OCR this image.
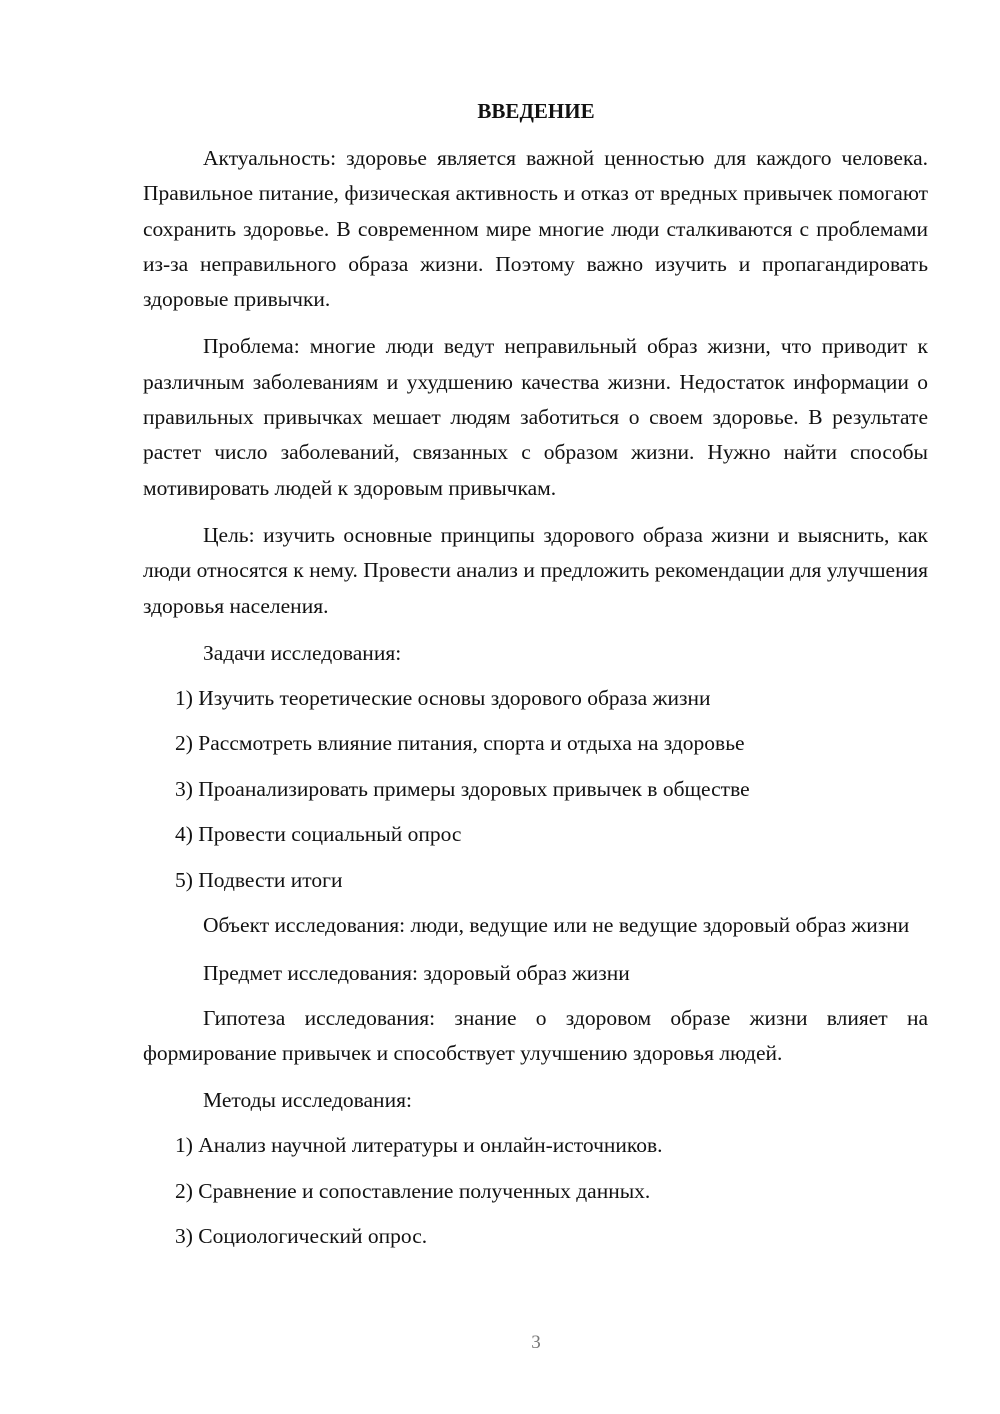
ВВЕДЕНИЕ

Актуальность: здоровье является важной ценностью для каждого человека. Правильное питание, физическая активность и отказ от вредных привычек помогают сохранить здоровье. В современном мире многие люди сталкиваются с проблемами из-за неправильного образа жизни. Поэтому важно изучить и пропагандировать здоровые привычки.

Проблема: многие люди ведут неправильный образ жизни, что приводит к различным заболеваниям и ухудшению качества жизни. Недостаток информации о правильных привычках мешает людям заботиться о своем здоровье. В результате растет число заболеваний, связанных с образом жизни. Нужно найти способы мотивировать людей к здоровым привычкам.

Цель: изучить основные принципы здорового образа жизни и выяснить, как люди относятся к нему. Провести анализ и предложить рекомендации для улучшения здоровья населения.

Задачи исследования:

1) Изучить теоретические основы здорового образа жизни
2) Рассмотреть влияние питания, спорта и отдыха на здоровье
3) Проанализировать примеры здоровых привычек в обществе
4) Провести социальный опрос
5) Подвести итоги

Объект исследования: люди, ведущие или не ведущие здоровый образ жизни

Предмет исследования: здоровый образ жизни

Гипотеза исследования: знание о здоровом образе жизни влияет на формирование привычек и способствует улучшению здоровья людей.

Методы исследования:

1) Анализ научной литературы и онлайн-источников.
2) Сравнение и сопоставление полученных данных.
3) Социологический опрос.
3
